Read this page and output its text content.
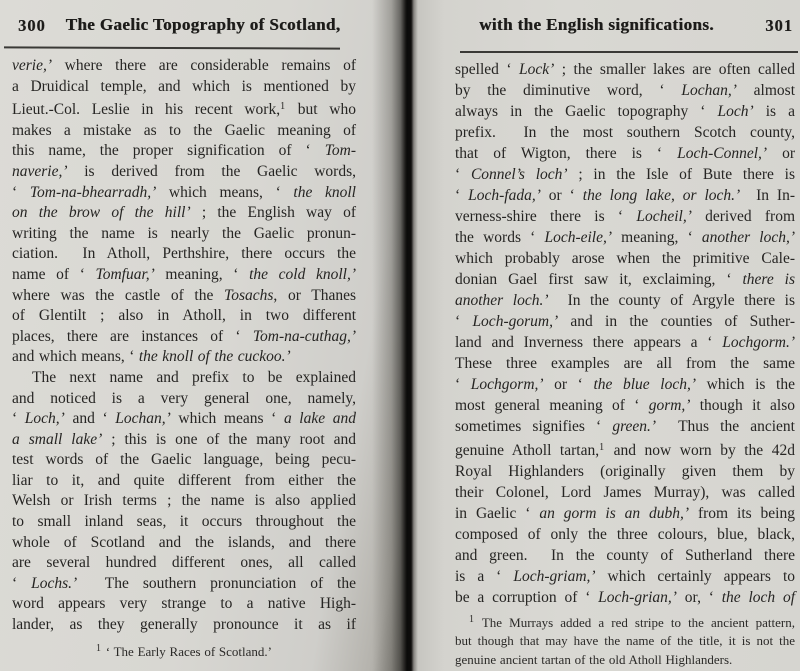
300	The Gaelic Topography of Scotland,
verie,’ where there are considerable remains of
a Druidical temple, and which is mentioned by
Lieut.-Col. Leslie in his recent work,$^1$ but who
makes a mistake as to the Gaelic meaning of
this name, the proper signification of ‘ Tom-
naverie,’ is derived from the Gaelic words,
‘ Tom-na-bhearradh,’ which means, ‘ the knoll
on the brow of the hill’ ; the English way of
writing the name is nearly the Gaelic pronun-
ciation.  In Atholl, Perthshire, there occurs the
name of ‘ Tomfuar,’ meaning, ‘ the cold knoll,’
where was the castle of the Tosachs, or Thanes
of Glentilt ; also in Atholl, in two different
places, there are instances of ‘ Tom-na-cuthag,’
and which means, ‘ the knoll of the cuckoo.’
The next name and prefix to be explained
and noticed is a very general one, namely,
‘ Loch,’ and ‘ Lochan,’ which means ‘ a lake and
a small lake’ ; this is one of the many root and
test words of the Gaelic language, being pecu-
liar to it, and quite different from either the
Welsh or Irish terms ; the name is also applied
to small inland seas, it occurs throughout the
whole of Scotland and the islands, and there
are several hundred different ones, all called
‘ Lochs.’  The southern pronunciation of the
word appears very strange to a native High-
lander, as they generally pronounce it as if
$^1$ ‘ The Early Races of Scotland.’
with the English significations.	301
spelled ‘ Lock’ ; the smaller lakes are often called
by the diminutive word, ‘ Lochan,’ almost
always in the Gaelic topography ‘ Loch’ is a
prefix.  In the most southern Scotch county,
that of Wigton, there is ‘ Loch-Connel,’ or
‘ Connel’s loch’ ; in the Isle of Bute there is
‘ Loch-fada,’ or ‘ the long lake, or loch.’  In In-
verness-shire there is ‘ Locheil,’ derived from
the words ‘ Loch-eile,’ meaning, ‘ another loch,’
which probably arose when the primitive Cale-
donian Gael first saw it, exclaiming, ‘ there is
another loch.’  In the county of Argyle there is
‘ Loch-gorum,’ and in the counties of Suther-
land and Inverness there appears a ‘ Lochgorm.’
These three examples are all from the same
‘ Lochgorm,’ or ‘ the blue loch,’ which is the
most general meaning of ‘ gorm,’ though it also
sometimes signifies ‘ green.’  Thus the ancient
genuine Atholl tartan,$^1$ and now worn by the 42d
Royal Highlanders (originally given them by
their Colonel, Lord James Murray), was called
in Gaelic ‘ an gorm is an dubh,’ from its being
composed of only the three colours, blue, black,
and green.  In the county of Sutherland there
is a ‘ Loch-griam,’ which certainly appears to
be a corruption of ‘ Loch-grian,’ or, ‘ the loch of
$^1$ The Murrays added a red stripe to the ancient pattern,
but though that may have the name of the title, it is not the
genuine ancient tartan of the old Atholl Highlanders.
